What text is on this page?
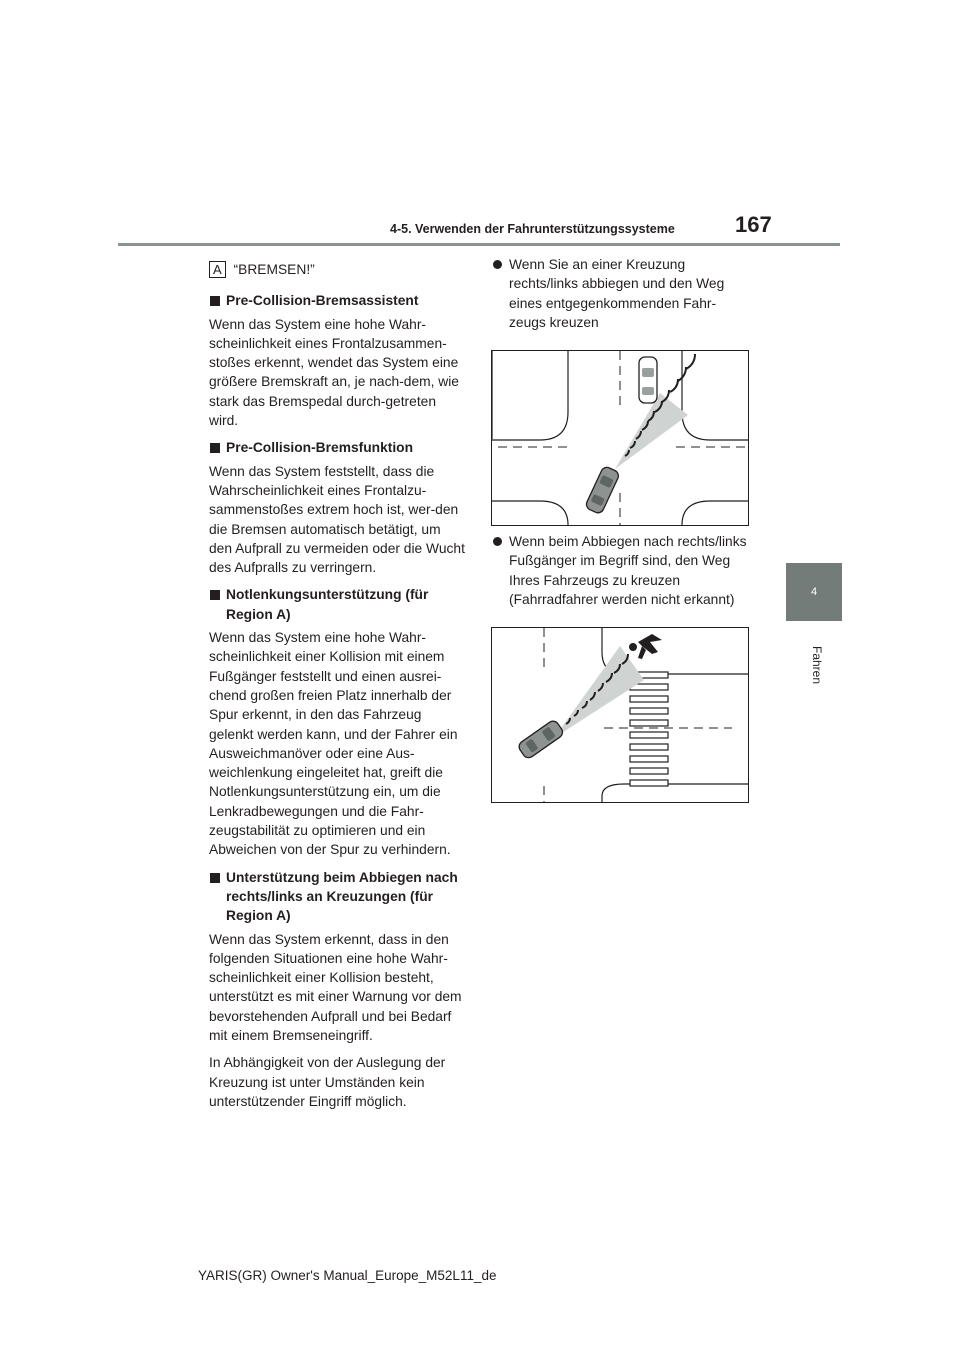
4-5. Verwenden der Fahrunterstützungssysteme	167
4
Fahren

A “BREMSEN!”

Pre-Collision-Bremsassistent

Wenn das System eine hohe Wahr-scheinlichkeit eines Frontalzusammen-stoßes erkennt, wendet das System eine größere Bremskraft an, je nach-dem, wie stark das Bremspedal durch-getreten wird.

Pre-Collision-Bremsfunktion

Wenn das System feststellt, dass die Wahrscheinlichkeit eines Frontalzu-sammenstoßes extrem hoch ist, wer-den die Bremsen automatisch betätigt, um den Aufprall zu vermeiden oder die Wucht des Aufpralls zu verringern.

Notlenkungsunterstützung (für Region A)

Wenn das System eine hohe Wahr-scheinlichkeit einer Kollision mit einem Fußgänger feststellt und einen ausrei-chend großen freien Platz innerhalb der Spur erkennt, in den das Fahrzeug gelenkt werden kann, und der Fahrer ein Ausweichmanöver oder eine Aus-weichlenkung eingeleitet hat, greift die Notlenkungsunterstützung ein, um die Lenkradbewegungen und die Fahr-zeugstabilität zu optimieren und ein Abweichen von der Spur zu verhindern.

Unterstützung beim Abbiegen nach rechts/links an Kreuzungen (für Region A)

Wenn das System erkennt, dass in den folgenden Situationen eine hohe Wahr-scheinlichkeit einer Kollision besteht, unterstützt es mit einer Warnung vor dem bevorstehenden Aufprall und bei Bedarf mit einem Bremseneingriff.

In Abhängigkeit von der Auslegung der Kreuzung ist unter Umständen kein unterstützender Eingriff möglich.

Wenn Sie an einer Kreuzung rechts/links abbiegen und den Weg eines entgegenkommenden Fahr-zeugs kreuzen
Wenn beim Abbiegen nach rechts/links Fußgänger im Begriff sind, den Weg Ihres Fahrzeugs zu kreuzen (Fahrradfahrer werden nicht erkannt)
YARIS(GR) Owner's Manual_Europe_M52L11_de
